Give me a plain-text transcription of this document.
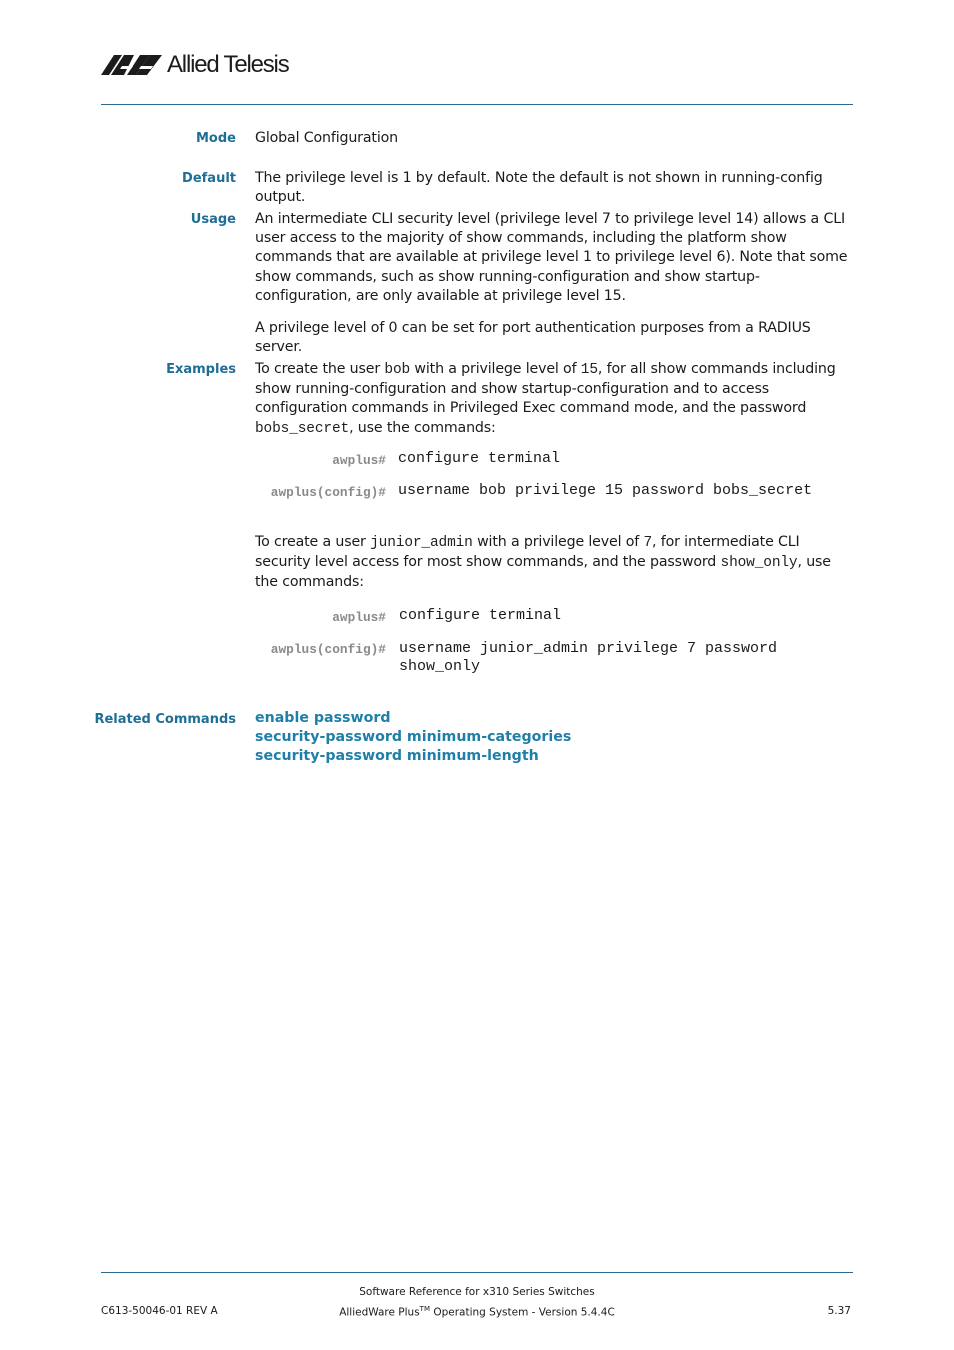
Allied Telesis
Mode Global Configuration

Default The privilege level is 1 by default. Note the default is not shown in running-config output.

Usage An intermediate CLI security level (privilege level 7 to privilege level 14) allows a CLI user access to the majority of show commands, including the platform show commands that are available at privilege level 1 to privilege level 6). Note that some show commands, such as show running-configuration and show startup-configuration, are only available at privilege level 15.

A privilege level of 0 can be set for port authentication purposes from a RADIUS server.

Examples To create the user bob with a privilege level of 15, for all show commands including show running-configuration and show startup-configuration and to access configuration commands in Privileged Exec command mode, and the password bobs_secret, use the commands:

awplus# configure terminal
awplus(config)# username bob privilege 15 password bobs_secret

To create a user junior_admin with a privilege level of 7, for intermediate CLI security level access for most show commands, and the password show_only, use the commands:

awplus# configure terminal
awplus(config)# username junior_admin privilege 7 password show_only
Related Commands enable password
security-password minimum-categories
security-password minimum-length
C613-50046-01 REV A
Software Reference for x310 Series Switches
AlliedWare Plus™ Operating System - Version 5.4.4C	5.37
